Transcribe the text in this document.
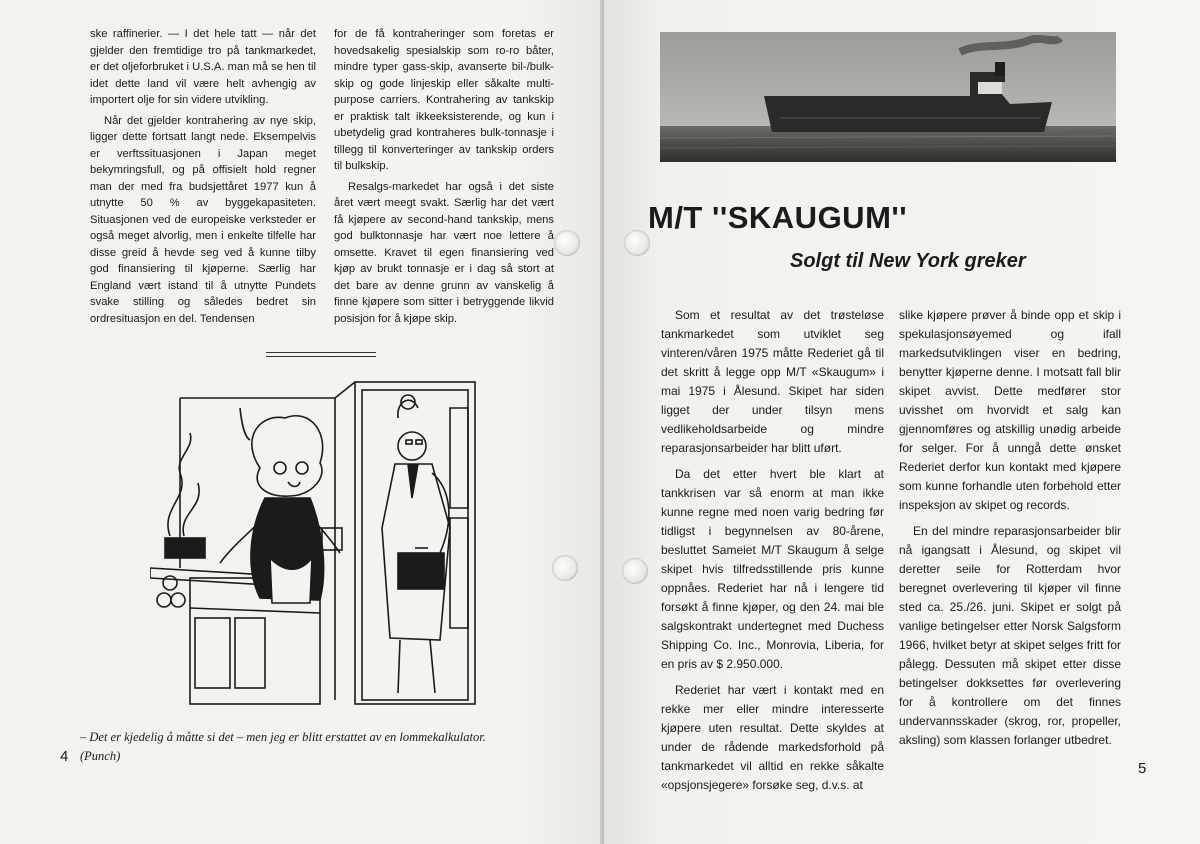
ske raffinerier. — I det hele tatt — når det gjelder den fremtidige tro på tankmarkedet, er det oljeforbruket i U.S.A. man må se hen til idet dette land vil være helt avhengig av importert olje for sin videre utvikling.

Når det gjelder kontrahering av nye skip, ligger dette fortsatt langt nede. Eksempelvis er verftssituasjonen i Japan meget bekymringsfull, og på offisielt hold regner man der med fra budsjettåret 1977 kun å utnytte 50 % av byggekapasiteten. Situasjonen ved de europeiske verksteder er også meget alvorlig, men i enkelte tilfelle har disse greid å hevde seg ved å kunne tilby god finansiering til kjøperne. Særlig har England vært istand til å utnytte Pundets svake stilling og således bedret sin ordresituasjon en del. Tendensen

for de få kontraheringer som foretas er hovedsakelig spesialskip som ro-ro båter, mindre typer gass-skip, avanserte bil-/bulk-skip og gode linjeskip eller såkalte multi-purpose carriers. Kontrahering av tankskip er praktisk talt ikkeeksisterende, og kun i ubetydelig grad kontraheres bulk-tonnasje i tillegg til konverteringer av tankskip orders til bulkskip.

Resalgs-markedet har også i det siste året vært meegt svakt. Særlig har det vært få kjøpere av second-hand tankskip, mens god bulktonnasje har vært noe lettere å omsette. Kravet til egen finansiering ved kjøp av brukt tonnasje er i dag så stort at det bare av denne grunn av vanskelig å finne kjøpere som sitter i betryggende likvid posisjon for å kjøpe skip.

– Det er kjedelig å måtte si det – men jeg er blitt erstattet av en lommekalkulator.
4 (Punch)
M/T ''SKAUGUM''
Solgt til New York greker

Som et resultat av det trøsteløse tankmarkedet som utviklet seg vinteren/våren 1975 måtte Rederiet gå til det skritt å legge opp M/T «Skaugum» i mai 1975 i Ålesund. Skipet har siden ligget der under tilsyn mens vedlikeholdsarbeide og mindre reparasjonsarbeider har blitt uført.

Da det etter hvert ble klart at tankkrisen var så enorm at man ikke kunne regne med noen varig bedring før tidligst i begynnelsen av 80-årene, besluttet Sameiet M/T Skaugum å selge skipet hvis tilfredsstillende pris kunne oppnåes. Rederiet har nå i lengere tid forsøkt å finne kjøper, og den 24. mai ble salgskontrakt undertegnet med Duchess Shipping Co. Inc., Monrovia, Liberia, for en pris av $ 2.950.000.

Rederiet har vært i kontakt med en rekke mer eller mindre interesserte kjøpere uten resultat. Dette skyldes at under de rådende markedsforhold på tankmarkedet vil alltid en rekke såkalte «opsjonsjegere» forsøke seg, d.v.s. at

slike kjøpere prøver å binde opp et skip i spekulasjonsøyemed og ifall markedsutviklingen viser en bedring, benytter kjøperne denne. I motsatt fall blir skipet avvist. Dette medfører stor uvisshet om hvorvidt et salg kan gjennomføres og atskillig unødig arbeide for selger. For å unngå dette ønsket Rederiet derfor kun kontakt med kjøpere som kunne forhandle uten forbehold etter inspeksjon av skipet og records.

En del mindre reparasjonsarbeider blir nå igangsatt i Ålesund, og skipet vil deretter seile for Rotterdam hvor beregnet overlevering til kjøper vil finne sted ca. 25./26. juni. Skipet er solgt på vanlige betingelser etter Norsk Salgsform 1966, hvilket betyr at skipet selges fritt for pålegg. Dessuten må skipet etter disse betingelser dokksettes før overlevering for å kontrollere om det finnes undervannsskader (skrog, ror, propeller, aksling) som klassen forlanger utbedret.

5
